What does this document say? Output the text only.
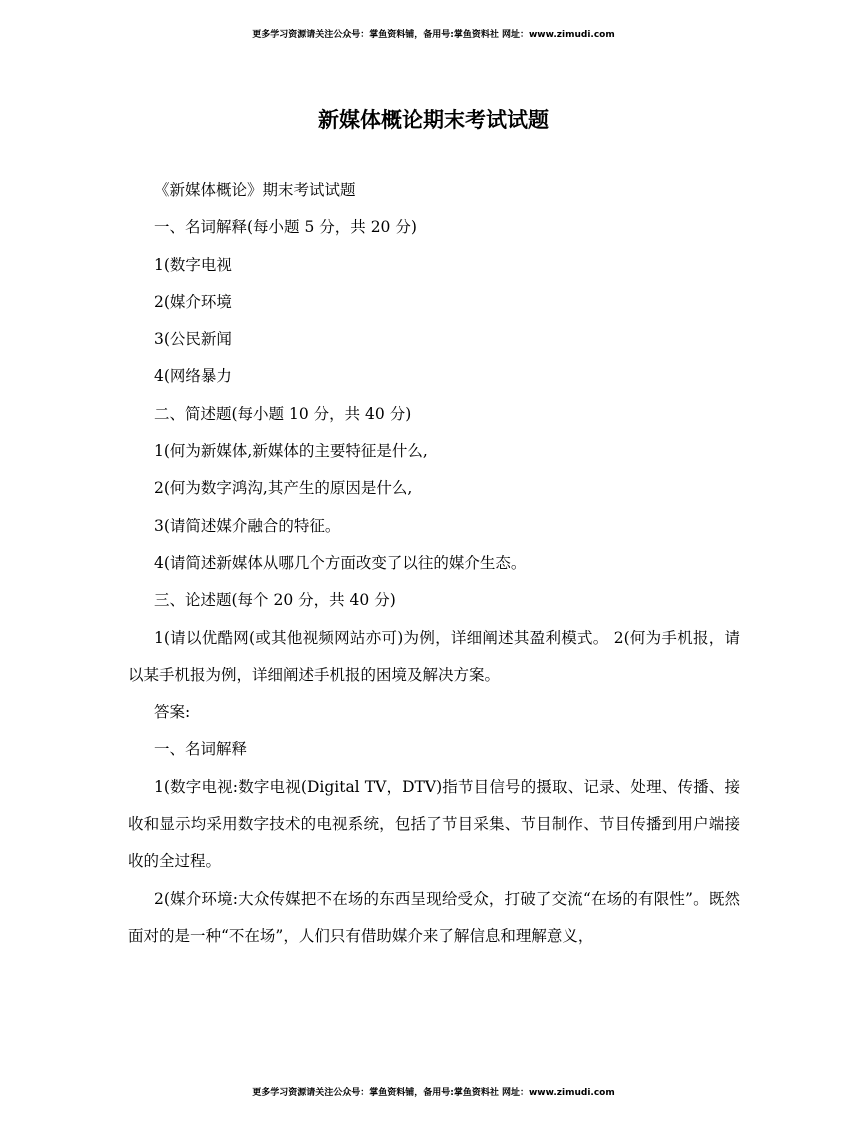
更多学习资源请关注公众号：掌鱼资料铺，备用号:掌鱼资料社 网址：www.zimudi.com
新媒体概论期末考试试题
《新媒体概论》期末考试试题
一、名词解释(每小题 5 分，共 20 分)
1(数字电视
2(媒介环境
3(公民新闻
4(网络暴力
二、简述题(每小题 10 分，共 40 分)
1(何为新媒体,新媒体的主要特征是什么,
2(何为数字鸿沟,其产生的原因是什么,
3(请简述媒介融合的特征。
4(请简述新媒体从哪几个方面改变了以往的媒介生态。
三、论述题(每个 20 分，共 40 分)
1(请以优酷网(或其他视频网站亦可)为例，详细阐述其盈利模式。 2(何为手机报，请以某手机报为例，详细阐述手机报的困境及解决方案。
答案:
一、名词解释
1(数字电视:数字电视(Digital TV，DTV)指节目信号的摄取、记录、处理、传播、接收和显示均采用数字技术的电视系统，包括了节目采集、节目制作、节目传播到用户端接收的全过程。
2(媒介环境:大众传媒把不在场的东西呈现给受众，打破了交流“在场的有限性”。既然面对的是一种“不在场”，人们只有借助媒介来了解信息和理解意义，
更多学习资源请关注公众号：掌鱼资料铺，备用号:掌鱼资料社 网址：www.zimudi.com
